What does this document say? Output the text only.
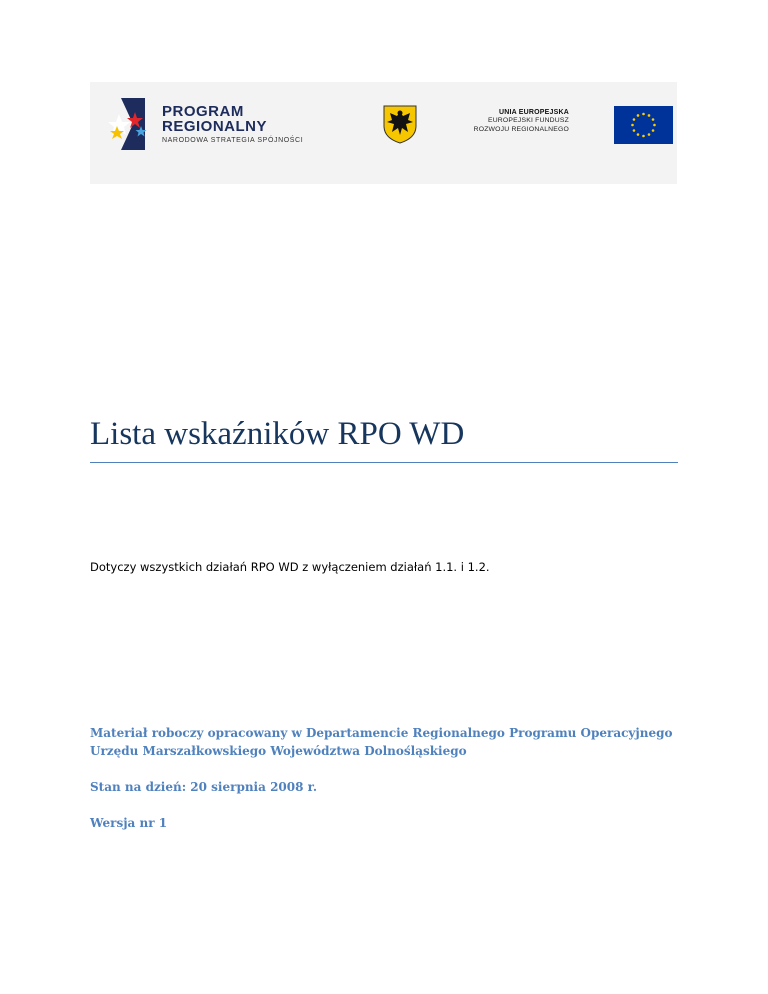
PROGRAM
REGIONALNY
NARODOWA STRATEGIA SPÓJNOŚCI
UNIA EUROPEJSKA
EUROPEJSKI FUNDUSZ
ROZWOJU REGIONALNEGO
Lista wskaźników RPO WD
Dotyczy wszystkich działań RPO WD z wyłączeniem działań 1.1. i 1.2.

Materiał roboczy opracowany w Departamencie Regionalnego Programu Operacyjnego

Urzędu Marszałkowskiego Województwa Dolnośląskiego

Stan na dzień: 20 sierpnia 2008 r.

Wersja nr 1
